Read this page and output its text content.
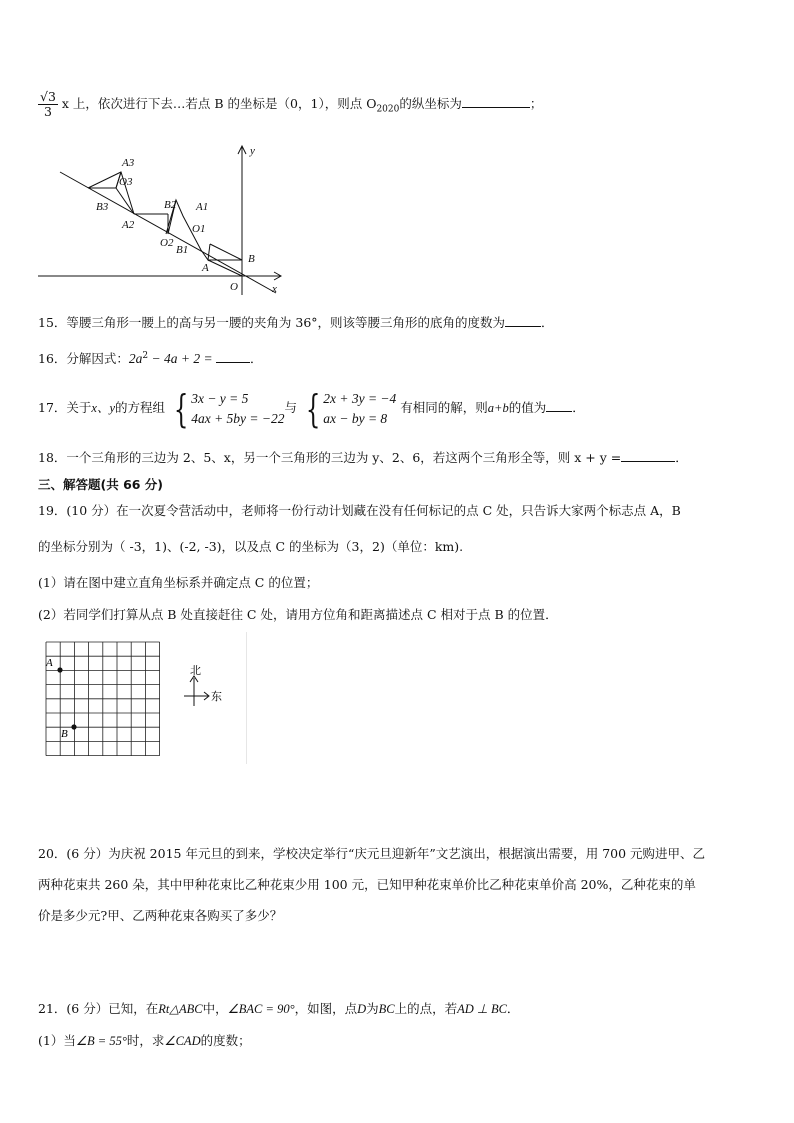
$\frac{√3}{3}$ x 上，依次进行下去…若点 B 的坐标是（0，1），则点 $O_{2020}$的纵坐标为	；
A3
O3
B3
A2
B2 A1
O1
O2
B1
A
B
O	x
y
15．等腰三角形一腰上的高与另一腰的夹角为 36°，则该等腰三角形的底角的度数为	．
16．分解因式：$2a^2 - 4a + 2$ =	．
17．关于x、y的方程组 { 3x − y = 5
4ax + 5by = −22与 { 2x + 3y = −4
ax − by = 8 有相同的解，则a+b的值为 ．
18．一个三角形的三边为 2、5、x，另一个三角形的三边为 y、2、6，若这两个三角形全等，则 x + y =	．
三、解答题(共 66 分)
19．(10 分）在一次夏令营活动中，老师将一份行动计划藏在没有任何标记的点 C 处，只告诉大家两个标志点 A，B
的坐标分别为（ -3，1)、(-2, -3)，以及点 C 的坐标为（3，2)（单位：km).
(1）请在图中建立直角坐标系并确定点 C 的位置；
(2）若同学们打算从点 B 处直接赶往 C 处，请用方位角和距离描述点 C 相对于点 B 的位置．
A
B
北
东
20．(6 分）为庆祝 2015 年元旦的到来，学校决定举行“庆元旦迎新年”文艺演出，根据演出需要，用 700 元购进甲、乙
两种花束共 260 朵，其中甲种花束比乙种花束少用 100 元，已知甲种花束单价比乙种花束单价高 20%，乙种花束的单
价是多少元?甲、乙两种花束各购买了多少？
21．(6 分）已知，在Rt△ABC中，∠BAC = 90°，如图，点D为BC上的点，若AD ⊥ BC．
(1）当∠B = 55°时，求∠CAD的度数；
